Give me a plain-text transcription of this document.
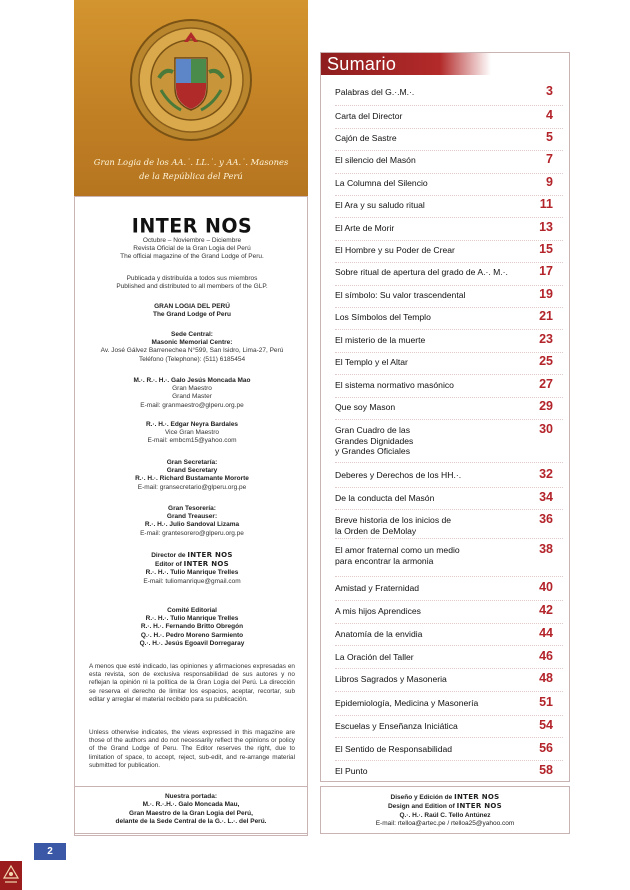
Gran Logia de los AA.˙. LL.˙. y AA.˙. Masones
de la República del Perú
INTER NOS
Octubre – Noviembre – Diciembre
Revista Oficial de la Gran Logia del Perú
The official magazine of the Grand Lodge of Peru.
Publicada y distribuída a todos sus miembros
Published and distributed to all members of the GLP.
GRAN LOGIA DEL PERÚ
The Grand Lodge of Peru
Sede Central:
Masonic Memorial Centre:
Av. José Gálvez Barrenechea N°599, San Isidro, Lima-27, Perú
Teléfono (Telephone): (511) 6185454
M.·. R.·. H.·. Galo Jesús Moncada Mao
Gran Maestro
Grand Master
E-mail: granmaestro@glperu.org.pe
R.·. H.·. Edgar Neyra Bardales
Vice Gran Maestro
E-mail: embcm15@yahoo.com
Gran Secretaría:
Grand Secretary
R.·. H.·. Richard Bustamante Mororte
E-mail: gransecretario@glperu.org.pe
Gran Tesorería:
Grand Treauser:
R.·. H.·. Julio Sandoval Lizama
E-mail: grantesorero@glperu.org.pe
Director de INTER NOS
Editor of INTER NOS
R.·. H.·. Tulio Manrique Trelles
E-mail: tuliomanrique@gmail.com
Comité Editorial
R.·. H.·. Tulio Manrique Trelles
R.·. H.·. Fernando Britto Obregón
Q.·. H.·. Pedro Moreno Sarmiento
Q.·. H.·. Jesús Egoavil Dorregaray
A menos que esté indicado, las opiniones y afirmaciones expresadas en esta revista, son de exclusiva responsabilidad de sus autores y no reflejan la opinión ni la política de la Gran Logia del Perú. La dirección se reserva el derecho de limitar los espacios, aceptar, recortar, sub editar y arreglar el material recibido para su publicación.
Unless otherwise indicates, the views expressed in this magazine are those of the authors and do not necessarily reflect the opinions or policy of the Grand Lodge of Peru. The Editor reserves the right, due to limitation of space, to accept, reject, sub-edit, and re-arrange material submitted for publication.
Nuestra portada:
M.·. R.·.H.·. Galo Moncada Mau,
Gran Maestro de la Gran Logia del Perú,
delante de la Sede Central de la G.·. L.·. del Perú.
Diseño y Edición de INTER NOS
Design and Edition of INTER NOS
Q.·. H.·. Raúl C. Tello Antúnez
E-mail: rtelloa@artec.pe / rtelloa25@yahoo.com
Sumario
Palabras del G.·.M.·.	3
Carta del Director	4
Cajón de Sastre	5
El silencio del Masón	7
La Columna del Silencio	9
El Ara y su saludo ritual	11
El Arte de Morir	13
El Hombre y su Poder de Crear	15
Sobre ritual de apertura del grado de A.·. M.·.	17
El símbolo: Su valor trascendental	19
Los Símbolos del Templo	21
El misterio de la muerte	23
El Templo y el Altar	25
El sistema normativo masónico	27
Que soy Mason	29
Gran Cuadro de las
Grandes Dignidades
y Grandes Oficiales
30
Deberes y Derechos de los HH.·.	32
De la conducta del Masón	34
Breve historia de los inicios de
la Orden de DeMolay
36
El amor fraternal como un medio
para encontrar la armonia
38
Amistad y Fraternidad	40
A mis hijos Aprendices	42
Anatomía de la envidia	44
La Oración del Taller	46
Libros Sagrados y Masoneria	48
Epidemiología, Medicina y Masonería	51
Escuelas y Enseñanza Iniciática	54
El Sentido de Responsabilidad	56
El Punto	58
2
